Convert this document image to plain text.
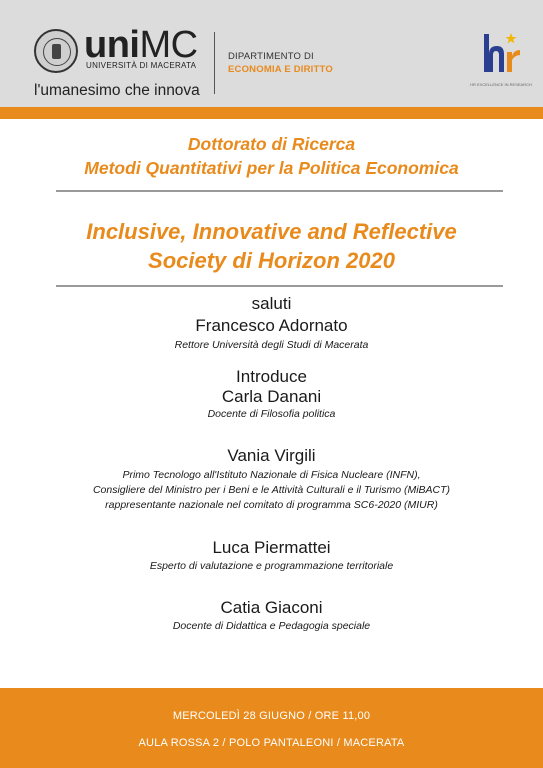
uniMC
UNIVERSITÀ DI MACERATA
l'umanesimo che innova
DIPARTIMENTO DI
ECONOMIA E DIRITTO
HR EXCELLENCE IN RESEARCH
Dottorato di Ricerca
Metodi Quantitativi per la Politica Economica
Inclusive, Innovative and Reflective
Society di Horizon 2020
saluti
Francesco Adornato
Rettore Università degli Studi di Macerata
Introduce
Carla Danani
Docente di Filosofia politica
Vania Virgili
Primo Tecnologo all'Istituto Nazionale di Fisica Nucleare (INFN),
Consigliere del Ministro per i Beni e le Attività Culturali e il Turismo (MiBACT)
rappresentante nazionale nel comitato di programma SC6-2020 (MIUR)
Luca Piermattei
Esperto di valutazione e programmazione territoriale
Catia Giaconi
Docente di Didattica e Pedagogia speciale
MERCOLEDÌ 28 GIUGNO / ORE 11,00
AULA ROSSA 2 / POLO PANTALEONI / MACERATA
